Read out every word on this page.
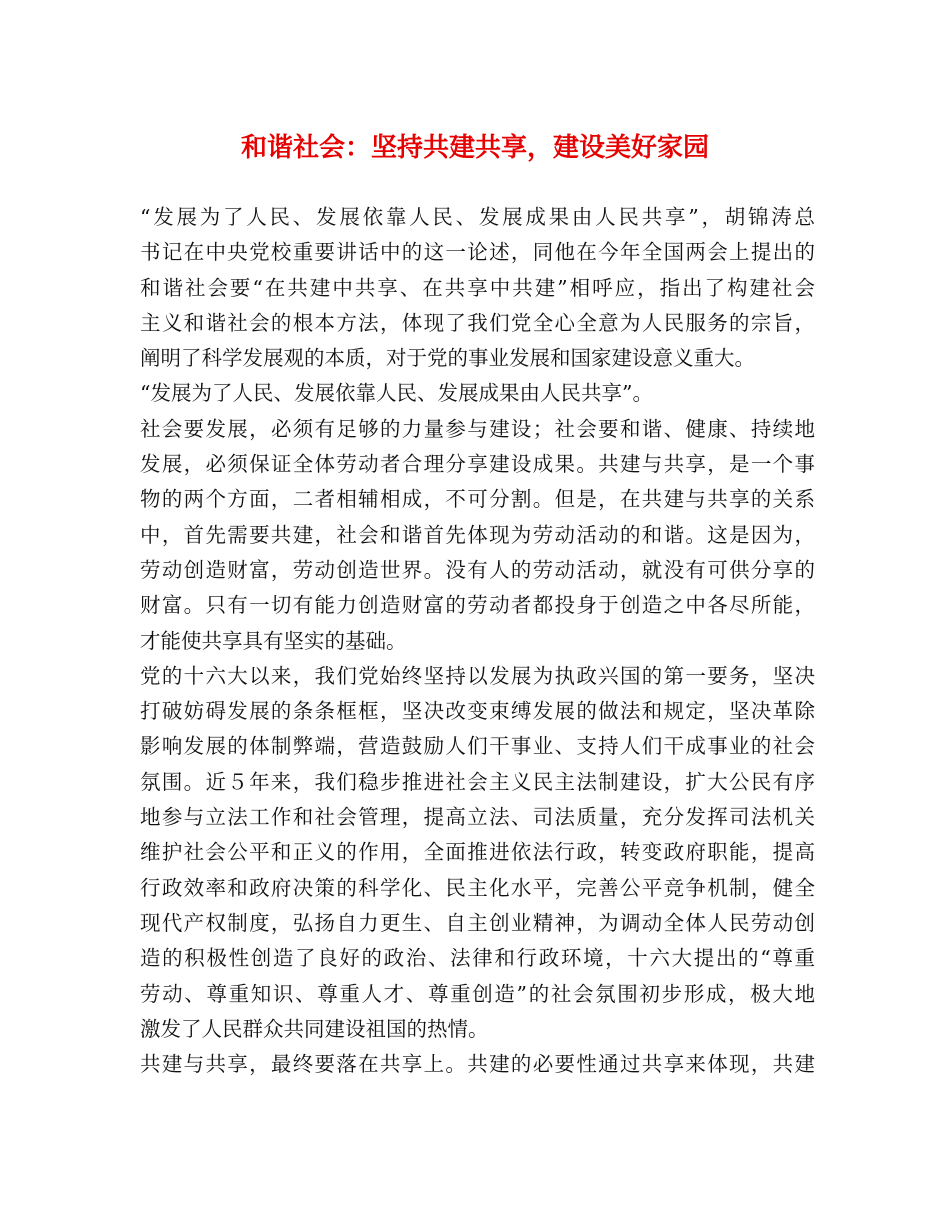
和谐社会：坚持共建共享，建设美好家园
“发展为了人民、发展依靠人民、发展成果由人民共享”，胡锦涛总
书记在中央党校重要讲话中的这一论述，同他在今年全国两会上提出的
和谐社会要“在共建中共享、在共享中共建”相呼应，指出了构建社会
主义和谐社会的根本方法，体现了我们党全心全意为人民服务的宗旨，
阐明了科学发展观的本质，对于党的事业发展和国家建设意义重大。
“发展为了人民、发展依靠人民、发展成果由人民共享”。
社会要发展，必须有足够的力量参与建设；社会要和谐、健康、持续地
发展，必须保证全体劳动者合理分享建设成果。共建与共享，是一个事
物的两个方面，二者相辅相成，不可分割。但是，在共建与共享的关系
中，首先需要共建，社会和谐首先体现为劳动活动的和谐。这是因为，
劳动创造财富，劳动创造世界。没有人的劳动活动，就没有可供分享的
财富。只有一切有能力创造财富的劳动者都投身于创造之中各尽所能，
才能使共享具有坚实的基础。
党的十六大以来，我们党始终坚持以发展为执政兴国的第一要务，坚决
打破妨碍发展的条条框框，坚决改变束缚发展的做法和规定，坚决革除
影响发展的体制弊端，营造鼓励人们干事业、支持人们干成事业的社会
氛围。近５年来，我们稳步推进社会主义民主法制建设，扩大公民有序
地参与立法工作和社会管理，提高立法、司法质量，充分发挥司法机关
维护社会公平和正义的作用，全面推进依法行政，转变政府职能，提高
行政效率和政府决策的科学化、民主化水平，完善公平竞争机制，健全
现代产权制度，弘扬自力更生、自主创业精神，为调动全体人民劳动创
造的积极性创造了良好的政治、法律和行政环境，十六大提出的“尊重
劳动、尊重知识、尊重人才、尊重创造”的社会氛围初步形成，极大地
激发了人民群众共同建设祖国的热情。
共建与共享，最终要落在共享上。共建的必要性通过共享来体现，共建
